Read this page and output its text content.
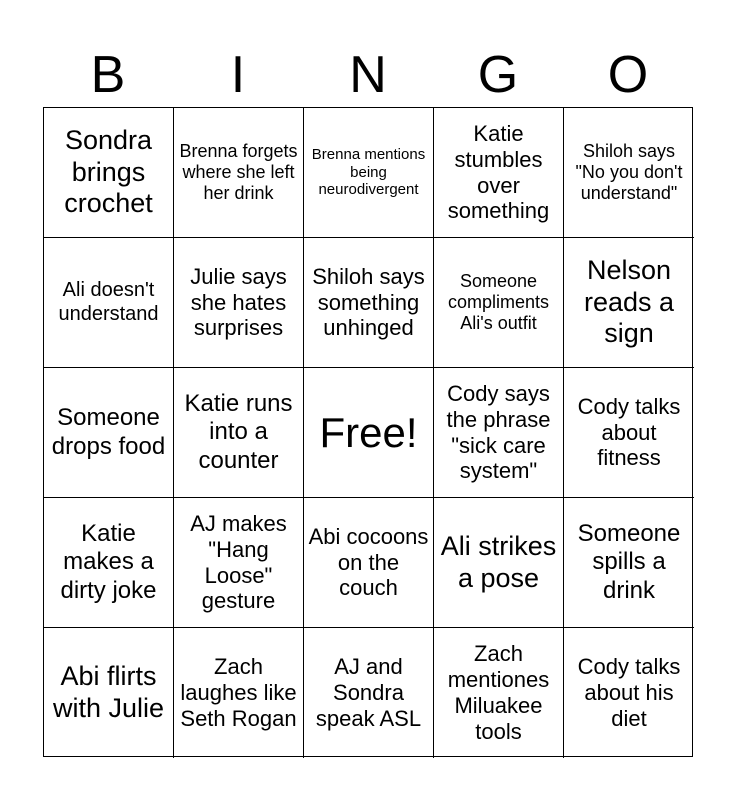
B	I	N	G	O
Sondra brings crochet
Brenna forgets where she left her drink
Brenna mentions being neurodivergent
Katie stumbles over something
Shiloh says "No you don't understand"
Ali doesn't understand
Julie says she hates surprises
Shiloh says something unhinged
Someone compliments Ali's outfit
Nelson reads a sign
Someone drops food
Katie runs into a counter
Free!
Cody says the phrase "sick care system"
Cody talks about fitness
Katie makes a dirty joke
AJ makes "Hang Loose" gesture
Abi cocoons on the couch
Ali strikes a pose
Someone spills a drink
Abi flirts with Julie
Zach laughes like Seth Rogan
AJ and Sondra speak ASL
Zach mentiones Miluakee tools
Cody talks about his diet
